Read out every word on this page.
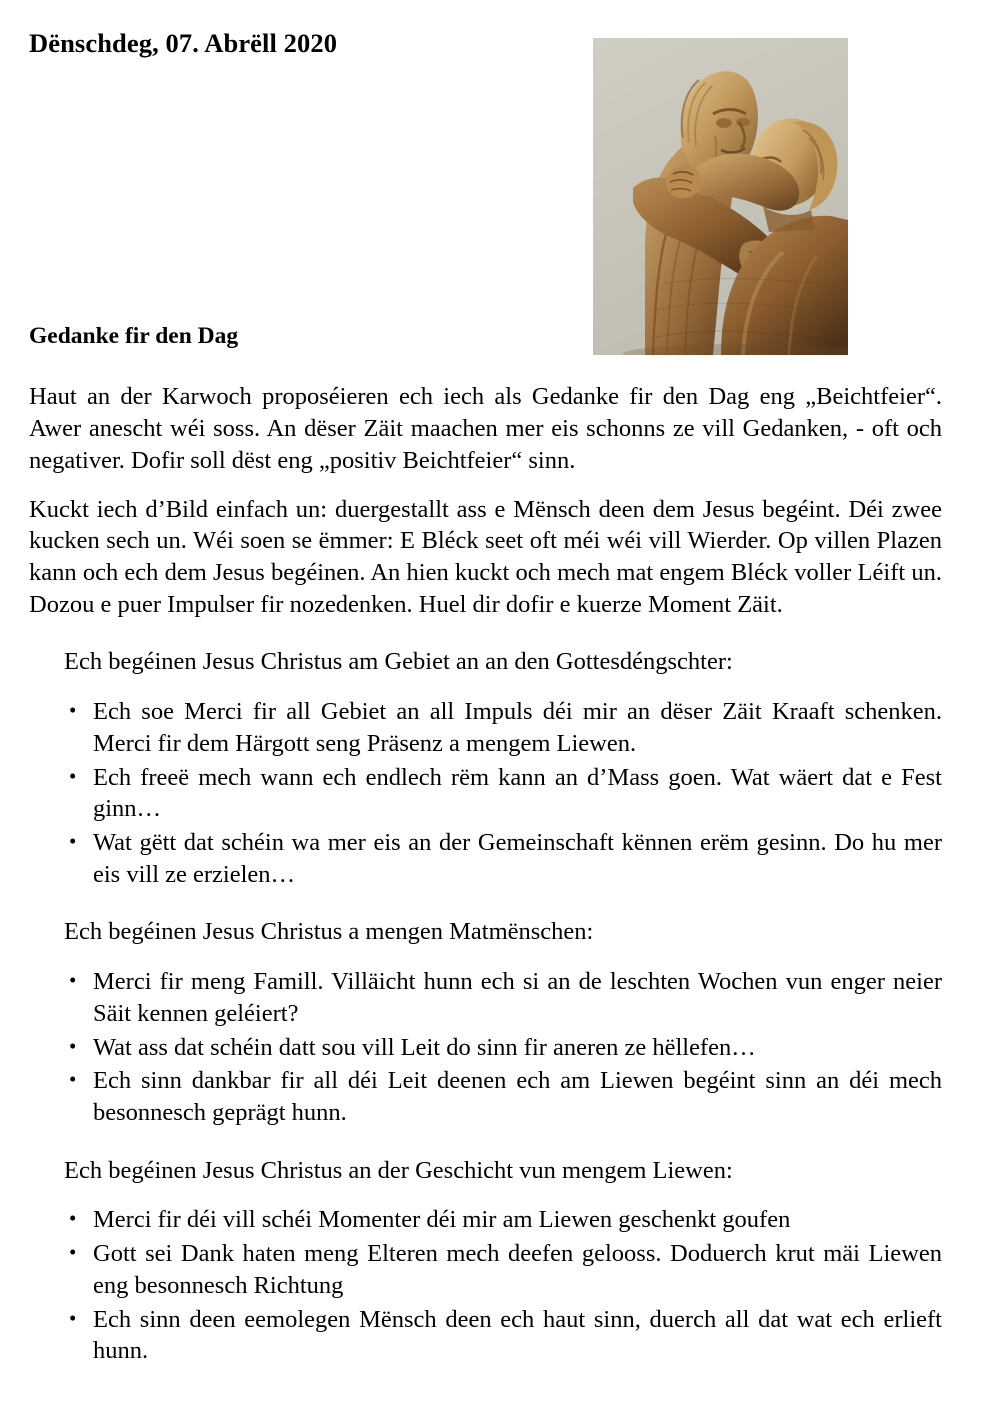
Dënschdeg, 07. Abrëll 2020
Gedanke fir den Dag

Haut an der Karwoch proposéieren ech iech als Gedanke fir den Dag eng „Beichtfeier“. Awer anescht wéi soss. An dëser Zäit maachen mer eis schonns ze vill Gedanken, - oft och negativer. Dofir soll dëst eng „positiv Beichtfeier“ sinn.

Kuckt iech d’Bild einfach un: duergestallt ass e Mënsch deen dem Jesus begéint. Déi zwee kucken sech un. Wéi soen se ëmmer: E Bléck seet oft méi wéi vill Wierder. Op villen Plazen kann och ech dem Jesus begéinen. An hien kuckt och mech mat engem Bléck voller Léift un. Dozou e puer Impulser fir nozedenken. Huel dir dofir e kuerze Moment Zäit.

Ech begéinen Jesus Christus am Gebiet an an den Gottesdéngschter:

• Ech soe Merci fir all Gebiet an all Impuls déi mir an dëser Zäit Kraaft schenken. Merci fir dem Härgott seng Präsenz a mengem Liewen.
• Ech freeë mech wann ech endlech rëm kann an d’Mass goen. Wat wäert dat e Fest ginn…
• Wat gëtt dat schéin wa mer eis an der Gemeinschaft kënnen erëm gesinn. Do hu mer eis vill ze erzielen…

Ech begéinen Jesus Christus a mengen Matmënschen:

• Merci fir meng Famill. Villäicht hunn ech si an de leschten Wochen vun enger neier Säit kennen geléiert?
• Wat ass dat schéin datt sou vill Leit do sinn fir aneren ze hëllefen…
• Ech sinn dankbar fir all déi Leit deenen ech am Liewen begéint sinn an déi mech besonnesch geprägt hunn.

Ech begéinen Jesus Christus an der Geschicht vun mengem Liewen:

• Merci fir déi vill schéi Momenter déi mir am Liewen geschenkt goufen
• Gott sei Dank haten meng Elteren mech deefen gelooss. Doduerch krut mäi Liewen eng besonnesch Richtung
• Ech sinn deen eemolegen Mënsch deen ech haut sinn, duerch all dat wat ech erlieft hunn.
